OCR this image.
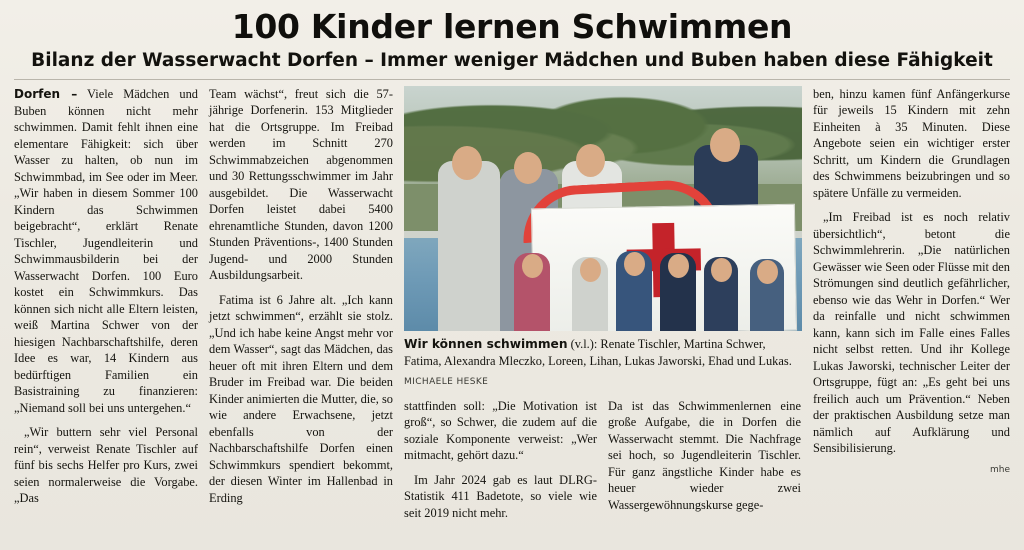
100 Kinder lernen Schwimmen
Bilanz der Wasserwacht Dorfen – Immer weniger Mädchen und Buben haben diese Fähigkeit

Dorfen – Viele Mädchen und Buben können nicht mehr schwimmen. Damit fehlt ihnen eine elementare Fähigkeit: sich über Wasser zu halten, ob nun im Schwimmbad, im See oder im Meer. „Wir haben in diesem Sommer 100 Kindern das Schwimmen beigebracht“, erklärt Renate Tischler, Jugendleiterin und Schwimmausbilderin bei der Wasserwacht Dorfen. 100 Euro kostet ein Schwimmkurs. Das können sich nicht alle Eltern leisten, weiß Martina Schwer von der hiesigen Nachbarschaftshilfe, deren Idee es war, 14 Kindern aus bedürftigen Familien ein Basistraining zu finanzieren: „Niemand soll bei uns untergehen.“

„Wir buttern sehr viel Personal rein“, verweist Renate Tischler auf fünf bis sechs Helfer pro Kurs, zwei seien normalerweise die Vorgabe. „Das

Team wächst“, freut sich die 57-jährige Dorfenerin. 153 Mitglieder hat die Ortsgruppe. Im Freibad werden im Schnitt 270 Schwimmabzeichen abgenommen und 30 Rettungsschwimmer im Jahr ausgebildet. Die Wasserwacht Dorfen leistet dabei 5400 ehrenamtliche Stunden, davon 1200 Stunden Präventions-, 1400 Stunden Jugend- und 2000 Stunden Ausbildungsarbeit.

Fatima ist 6 Jahre alt. „Ich kann jetzt schwimmen“, erzählt sie stolz. „Und ich habe keine Angst mehr vor dem Wasser“, sagt das Mädchen, das heuer oft mit ihren Eltern und dem Bruder im Freibad war. Die beiden Kinder animierten die Mutter, die, so wie andere Erwachsene, jetzt ebenfalls von der Nachbarschaftshilfe Dorfen einen Schwimmkurs spendiert bekommt, der diesen Winter im Hallenbad in Erding

Wir können schwimmen (v.l.): Renate Tischler, Martina Schwer, Fatima, Alexandra Mleczko, Loreen, Lihan, Lukas Jaworski, Ehad und Lukas.

MICHAELE HESKE

stattfinden soll: „Die Motivation ist groß“, so Schwer, die zudem auf die soziale Komponente verweist: „Wer mitmacht, gehört dazu.“

Im Jahr 2024 gab es laut DLRG-Statistik 411 Badetote, so viele wie seit 2019 nicht mehr.

Da ist das Schwimmenlernen eine große Aufgabe, die in Dorfen die Wasserwacht stemmt. Die Nachfrage sei hoch, so Jugendleiterin Tischler. Für ganz ängstliche Kinder habe es heuer wieder zwei Wassergewöhnungskurse gege-

ben, hinzu kamen fünf Anfängerkurse für jeweils 15 Kindern mit zehn Einheiten à 35 Minuten. Diese Angebote seien ein wichtiger erster Schritt, um Kindern die Grundlagen des Schwimmens beizubringen und so spätere Unfälle zu vermeiden.

„Im Freibad ist es noch relativ übersichtlich“, betont die Schwimmlehrerin. „Die natürlichen Gewässer wie Seen oder Flüsse mit den Strömungen sind deutlich gefährlicher, ebenso wie das Wehr in Dorfen.“ Wer da reinfalle und nicht schwimmen kann, kann sich im Falle eines Falles nicht selbst retten. Und ihr Kollege Lukas Jaworski, technischer Leiter der Ortsgruppe, fügt an: „Es geht bei uns freilich auch um Prävention.“ Neben der praktischen Ausbildung setze man nämlich auf Aufklärung und Sensibilisierung.

mhe
